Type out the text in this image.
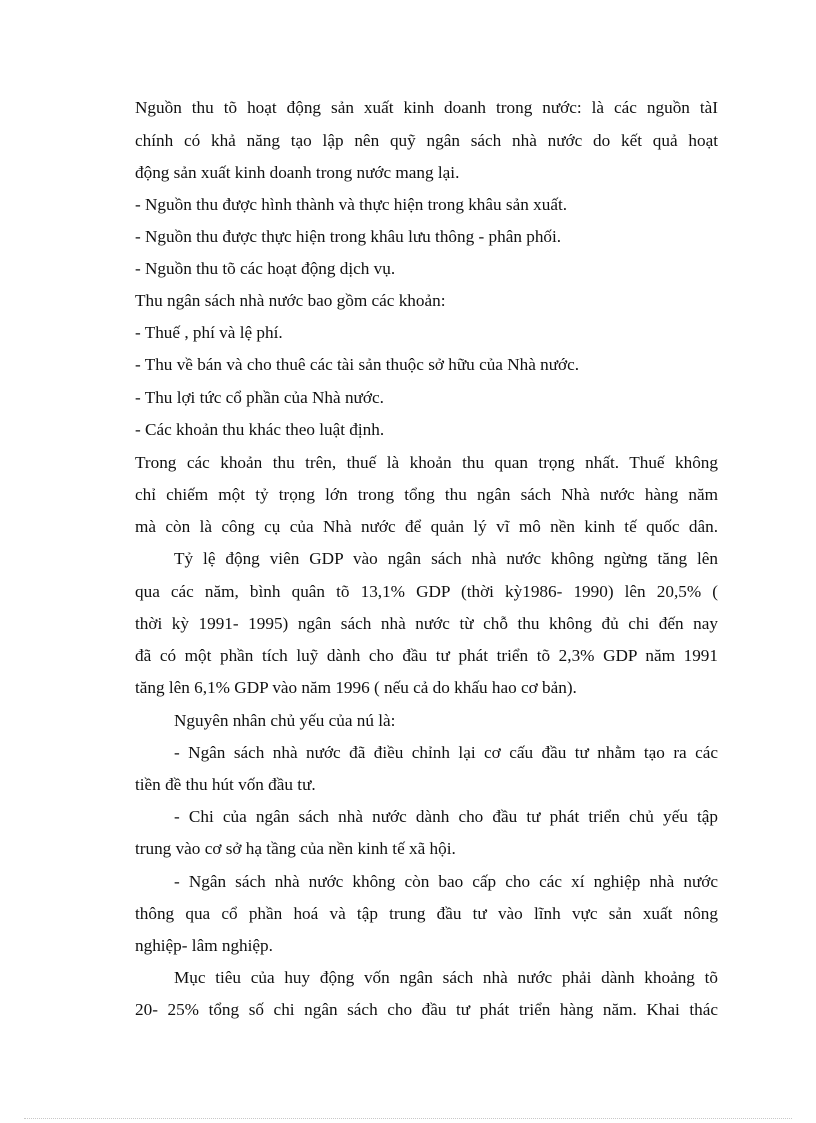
Nguồn thu tõ hoạt động sản xuất kinh doanh trong nước: là các nguồn tàI
chính có khả năng tạo lập nên quỹ ngân sách nhà nước do kết quả hoạt
động sản xuất kinh doanh trong nước mang lại.
- Nguồn thu được hình thành và thực hiện trong khâu sản xuất.
- Nguồn thu được thực hiện trong khâu lưu thông - phân phối.
- Nguồn thu tõ các hoạt động dịch vụ.
Thu ngân sách nhà nước bao gồm các khoản:
- Thuế , phí và lệ phí.
- Thu về bán và cho thuê các tài sản thuộc sở hữu của Nhà nước.
- Thu lợi tức cổ phần của Nhà nước.
- Các khoản thu khác theo luật định.
Trong các khoản thu trên, thuế là khoản thu quan trọng nhất. Thuế không
chỉ chiếm một tỷ trọng lớn trong tổng thu ngân sách Nhà nước hàng năm
mà còn là công cụ của Nhà nước để quản lý vĩ mô nền kinh tế quốc dân.
Tỷ lệ động viên GDP vào ngân sách nhà nước không ngừng tăng lên
qua các năm, bình quân tõ 13,1% GDP (thời kỳ1986- 1990) lên 20,5% (
thời kỳ 1991- 1995) ngân sách nhà nước từ chỗ thu không đủ chi đến nay
đã có một phần tích luỹ dành cho đầu tư phát triển tõ 2,3% GDP năm 1991
tăng lên 6,1% GDP vào năm 1996 ( nếu cả do khấu hao cơ bản).
Nguyên nhân chủ yếu của nú là:
- Ngân sách nhà nước đã điều chỉnh lại cơ cấu đầu tư nhằm tạo ra các
tiền đề thu hút vốn đầu tư.
- Chi của ngân sách nhà nước dành cho đầu tư phát triển chủ yếu tập
trung vào cơ sở hạ tầng của nền kinh tế xã hội.
- Ngân sách nhà nước không còn bao cấp cho các xí nghiệp nhà nước
thông qua cổ phần hoá và tập trung đầu tư vào lĩnh vực sản xuất nông
nghiệp- lâm nghiệp.
Mục tiêu của huy động vốn ngân sách nhà nước phải dành khoảng tõ
20- 25% tổng số chi ngân sách cho đầu tư phát triển hàng năm. Khai thác
